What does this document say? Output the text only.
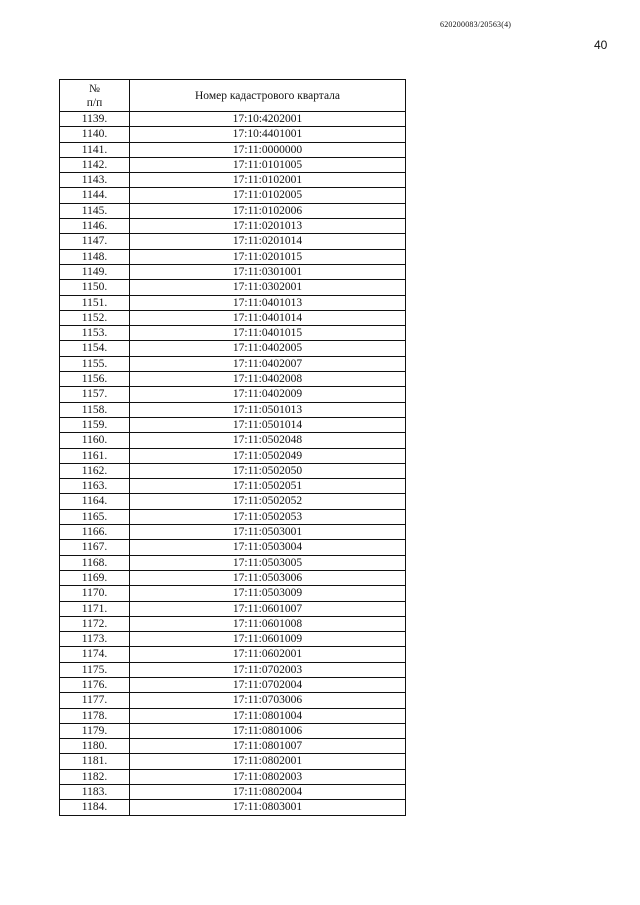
620200083/20563(4)
40
№
п/п	Номер кадастрового квартала
1139.	17:10:4202001
1140.	17:10:4401001
1141.	17:11:0000000
1142.	17:11:0101005
1143.	17:11:0102001
1144.	17:11:0102005
1145.	17:11:0102006
1146.	17:11:0201013
1147.	17:11:0201014
1148.	17:11:0201015
1149.	17:11:0301001
1150.	17:11:0302001
1151.	17:11:0401013
1152.	17:11:0401014
1153.	17:11:0401015
1154.	17:11:0402005
1155.	17:11:0402007
1156.	17:11:0402008
1157.	17:11:0402009
1158.	17:11:0501013
1159.	17:11:0501014
1160.	17:11:0502048
1161.	17:11:0502049
1162.	17:11:0502050
1163.	17:11:0502051
1164.	17:11:0502052
1165.	17:11:0502053
1166.	17:11:0503001
1167.	17:11:0503004
1168.	17:11:0503005
1169.	17:11:0503006
1170.	17:11:0503009
1171.	17:11:0601007
1172.	17:11:0601008
1173.	17:11:0601009
1174.	17:11:0602001
1175.	17:11:0702003
1176.	17:11:0702004
1177.	17:11:0703006
1178.	17:11:0801004
1179.	17:11:0801006
1180.	17:11:0801007
1181.	17:11:0802001
1182.	17:11:0802003
1183.	17:11:0802004
1184.	17:11:0803001
